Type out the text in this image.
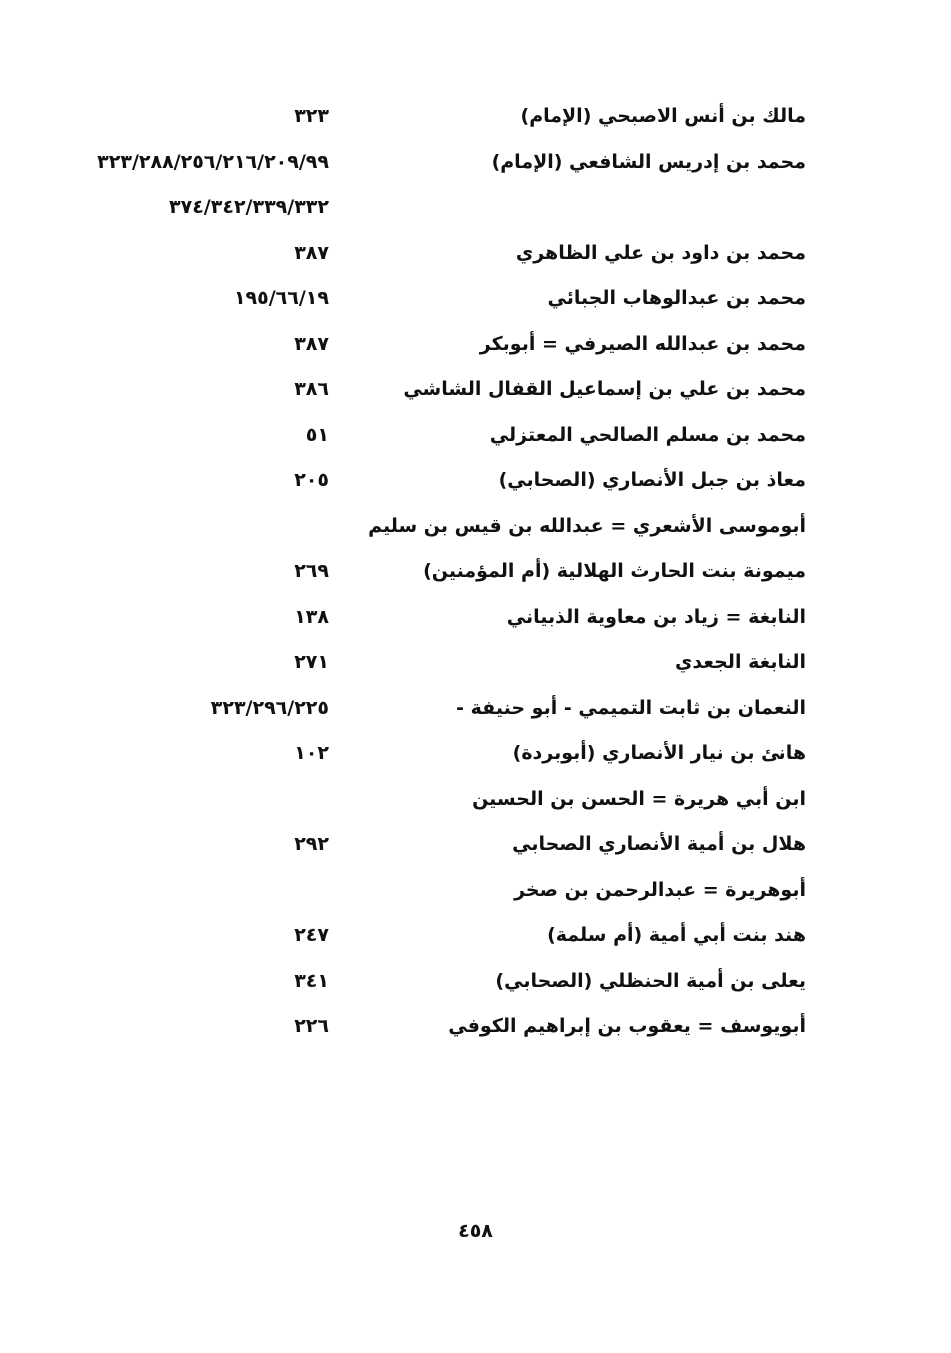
مالك بن أنس الاصبحي (الإمام)
٣٢٣
محمد بن إدريس الشافعي (الإمام)
٣٢٣/٢٨٨/٢٥٦/٢١٦/٢٠٩/٩٩
٣٧٤/٣٤٢/٣٣٩/٣٣٢
محمد بن داود بن علي الظاهري
٣٨٧
محمد بن عبدالوهاب الجبائي
١٩٥/٦٦/١٩
محمد بن عبدالله الصيرفي = أبوبكر
٣٨٧
محمد بن علي بن إسماعيل القفال الشاشي
٣٨٦
محمد بن مسلم الصالحي المعتزلي
٥١
معاذ بن جبل الأنصاري (الصحابي)
٢٠٥
أبوموسى الأشعري = عبدالله بن قيس بن سليم
ميمونة بنت الحارث الهلالية (أم المؤمنين)
٢٦٩
النابغة = زياد بن معاوية الذبياني
١٣٨
النابغة الجعدي
٢٧١
النعمان بن ثابت التميمي - أبو حنيفة -
٣٢٣/٢٩٦/٢٢٥
هانئ بن نيار الأنصاري (أبوبردة)
١٠٢
ابن أبي هريرة = الحسن بن الحسين
هلال بن أمية الأنصاري الصحابي
٢٩٢
أبوهريرة = عبدالرحمن بن صخر
هند بنت أبي أمية (أم سلمة)
٢٤٧
يعلى بن أمية الحنظلي (الصحابي)
٣٤١
أبويوسف = يعقوب بن إبراهيم الكوفي
٢٢٦
٤٥٨
